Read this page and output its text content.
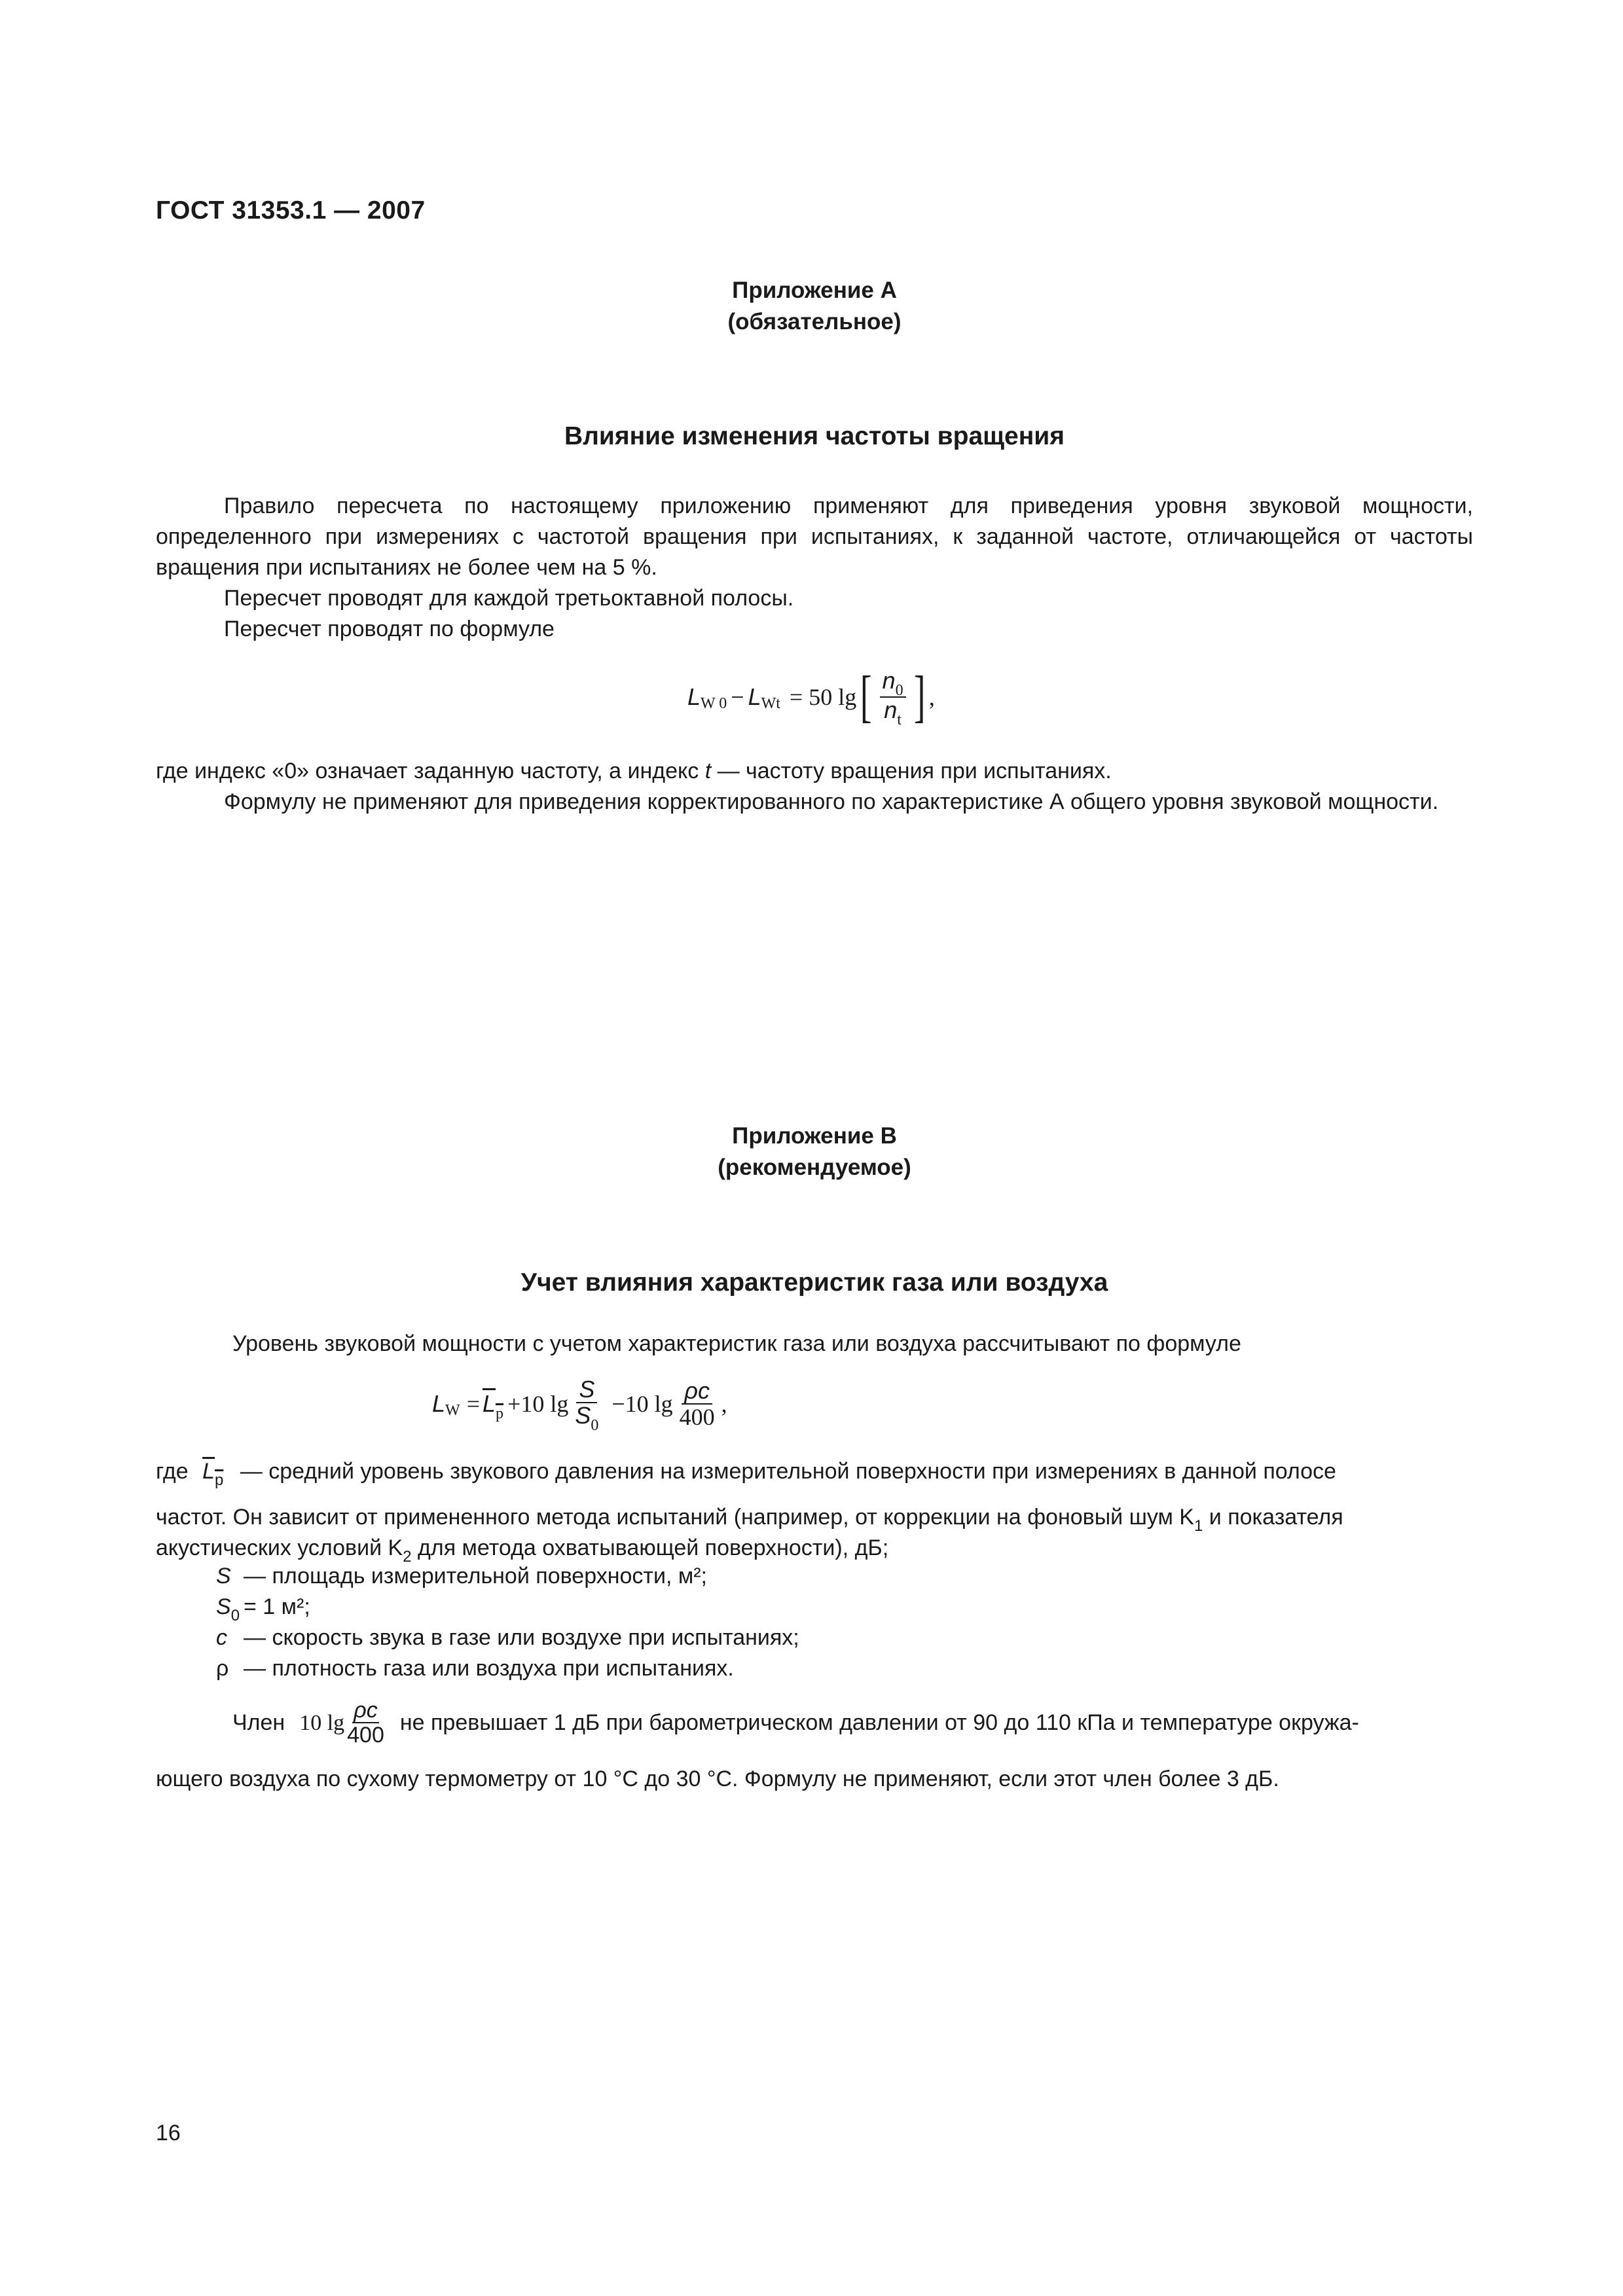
ГОСТ 31353.1 — 2007
Приложение А
(обязательное)
Влияние изменения частоты вращения
Правило пересчета по настоящему приложению применяют для приведения уровня звуковой мощности, определенного при измерениях с частотой вращения при испытаниях, к заданной частоте, отличающейся от частоты вращения при испытаниях не более чем на 5 %.
Пересчет проводят для каждой третьоктавной полосы.
Пересчет проводят по формуле
L W 0 − L Wt = 50 lg [ $\frac{n_0}{n_t}$ ] ,
где индекс «0» означает заданную частоту, а индекс t — частоту вращения при испытаниях.
Формулу не применяют для приведения корректированного по характеристике А общего уровня звуковой мощности.
Приложение В
(рекомендуемое)
Учет влияния характеристик газа или воздуха
Уровень звуковой мощности с учетом характеристик газа или воздуха рассчитывают по формуле
L $W = L_p +10$ $\lg \frac{S}{S_0} -10$ $\lg \frac{\rho c}{400}$ ,
где $L_p$ — средний уровень звукового давления на измерительной поверхности при измерениях в данной полосе
частот. Он зависит от примененного метода испытаний (например, от коррекции на фоновый шум $K_1$ и показателя
акустических условий $K_2$ для метода охватывающей поверхности), дБ;
S — площадь измерительной поверхности, м²;
$S_0 = 1$ м²;
c — скорость звука в газе или воздухе при испытаниях;
ρ — плотность газа или воздуха при испытаниях.
Член 10 $\lg \frac{\rho c}{400}$ не превышает 1 дБ при барометрическом давлении от 90 до 110 кПа и температуре окружа-
ющего воздуха по сухому термометру от 10 °C до 30 °C. Формулу не применяют, если этот член более 3 дБ.
16
